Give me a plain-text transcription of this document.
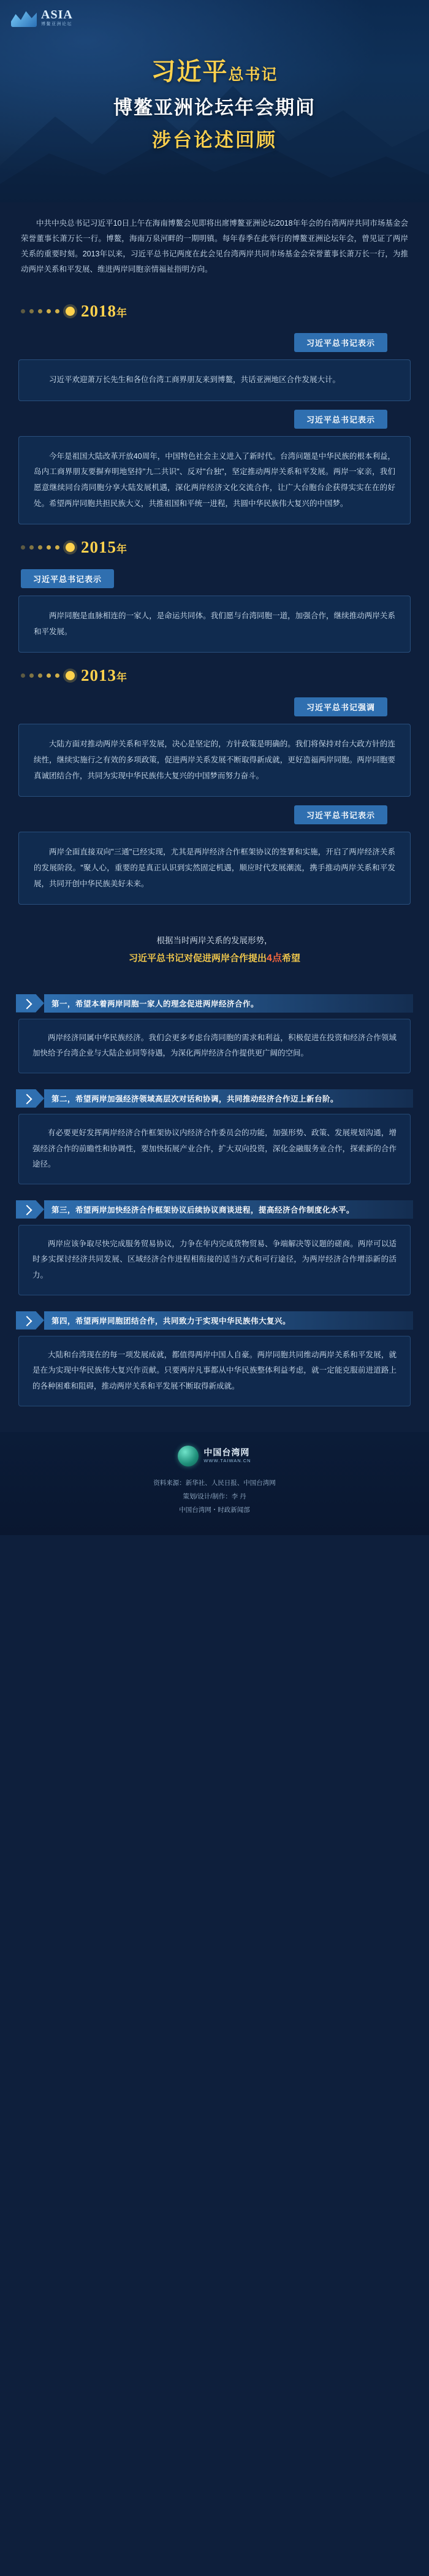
ASIA
博鳌亚洲论坛
习近平总书记
博鳌亚洲论坛年会期间
涉台论述回顾
中共中央总书记习近平10日上午在海南博鳌会见即将出席博鳌亚洲论坛2018年年会的台湾两岸共同市场基金会荣誉董事长萧万长一行。博鳌，海南万泉河畔的一期明镇。每年春季在此举行的博鳌亚洲论坛年会，曾见证了两岸关系的重要时刻。2013年以来，习近平总书记两度在此会见台湾两岸共同市场基金会荣誉董事长萧万长一行，为推动两岸关系和平发展、维进两岸同胞亲情福祉指明方向。
2018年
习近平总书记表示

习近平欢迎萧万长先生和各位台湾工商界朋友来到博鳌，共话亚洲地区合作发展大计。

习近平总书记表示

今年是祖国大陆改革开放40周年，中国特色社会主义进入了新时代。台湾问题是中华民族的根本利益，岛内工商界朋友要摒弃明地坚持"九二共识"、反对"台独"，坚定推动两岸关系和平发展。两岸一家亲，我们愿意继续同台湾同胞分享大陆发展机遇，深化两岸经济文化交流合作，让广大台胞台企获得实实在在的好处。希望两岸同胞共担民族大义，共推祖国和平统一进程，共圆中华民族伟大复兴的中国梦。

2015年
习近平总书记表示

两岸同胞是血脉相连的一家人，是命运共同体。我们愿与台湾同胞一道，加强合作，继续推动两岸关系和平发展。

2013年
习近平总书记强调

大陆方面对推动两岸关系和平发展，决心是坚定的，方针政策是明确的。我们将保持对台大政方针的连续性，继续实施行之有效的多项政策，促进两岸关系发展不断取得新成就，更好造福两岸同胞。两岸同胞要真诚团结合作，共同为实现中华民族伟大复兴的中国梦而努力奋斗。

习近平总书记表示

两岸全面直接双向"三通"已经实现，尤其是两岸经济合作框架协议的签署和实施，开启了两岸经济关系的发展阶段。"聚人心，重要的是真正认识到实然固定机遇，顺应时代发展潮流，携手推动两岸关系和平发展，共同开创中华民族美好未来。

根据当时两岸关系的发展形势，
习近平总书记对促进两岸合作提出4点希望
第一，希望本着两岸同胞一家人的理念促进两岸经济合作。

两岸经济同属中华民族经济。我们会更多考虑台湾同胞的需求和利益，积极促进在投资和经济合作领域加快给予台湾企业与大陆企业同等待遇，为深化两岸经济合作提供更广阔的空间。

第二，希望两岸加强经济领域高层次对话和协调，共同推动经济合作迈上新台阶。

有必要更好发挥两岸经济合作框架协议内经济合作委员会的功能，加强形势、政策、发展规划沟通，增强经济合作的前瞻性和协调性，要加快拓展产业合作，扩大双向投资，深化金融服务业合作，探索新的合作途径。

第三，希望两岸加快经济合作框架协议后续协议商谈进程，提高经济合作制度化水平。

两岸应该争取尽快完成服务贸易协议，力争在年内完成货物贸易、争端解决等议题的磋商。两岸可以适时多实探讨经济共同发展、区域经济合作进程相衔接的适当方式和可行途径，为两岸经济合作增添新的活力。

第四，希望两岸同胞团结合作，共同致力于实现中华民族伟大复兴。

大陆和台湾现在的每一项发展成就，都值得两岸中国人自豪。两岸同胞共同维动两岸关系和平发展，就是在为实现中华民族伟大复兴作贡献。只要两岸凡事都从中华民族整体利益考虑，就一定能克服前进道路上的各种困难和阻碍，推动两岸关系和平发展不断取得新成就。

中国台湾网
WWW.TAIWAN.CN
资料来源：新华社、人民日报、中国台湾网
策划/设计/制作：李 丹
中国台湾网・时政新闻部
